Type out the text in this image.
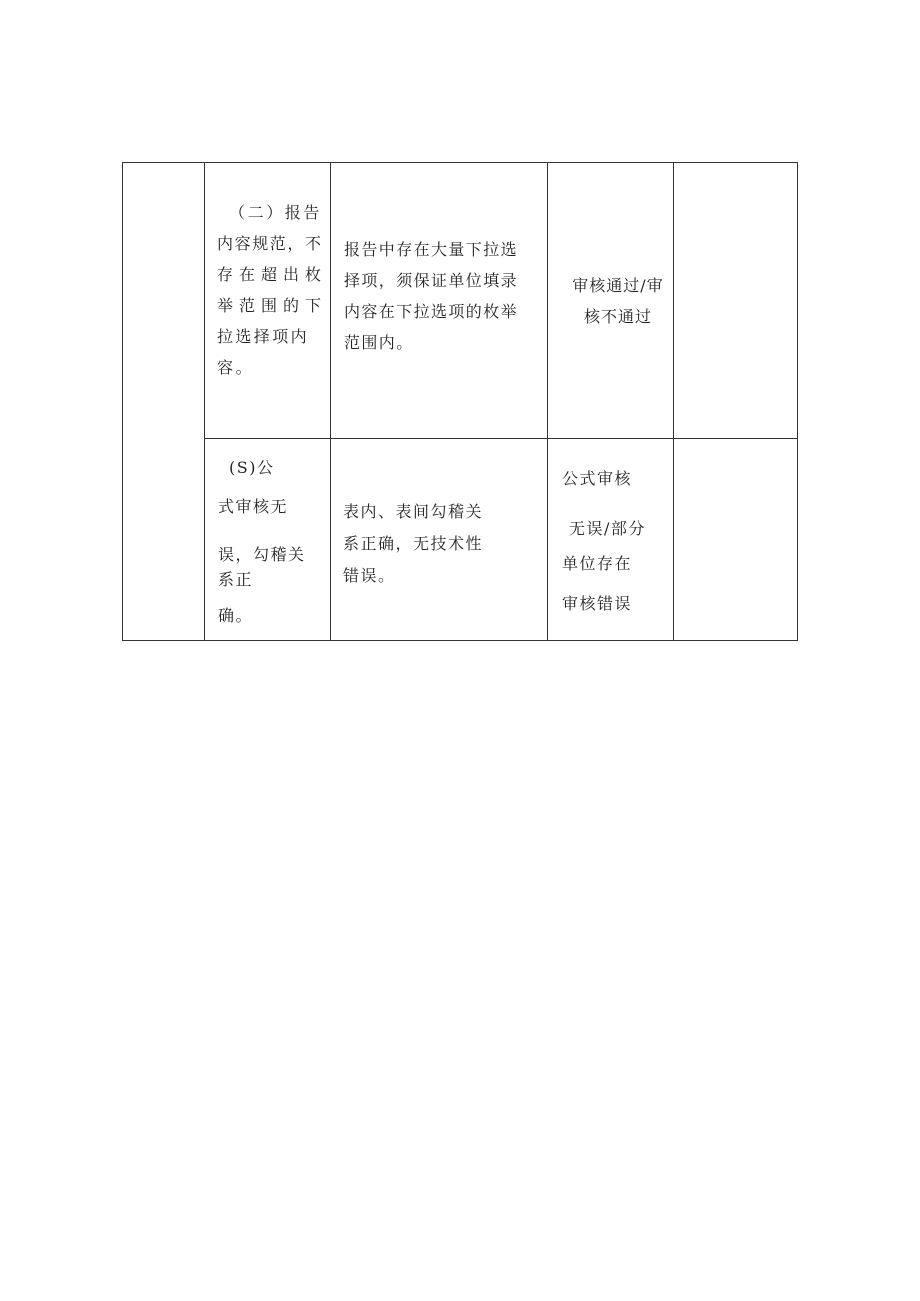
（二）报告

内容规范，不

存在超出枚

举范围的下

拉选择项内

容。

报告中存在大量下拉选

择项，须保证单位填录

内容在下拉选项的枚举

范围内。

审核通过/审

核不通过

(S)公

式审核无

误，勾稽关

系正

确。

表内、表间勾稽关

系正确，无技术性

错误。

公式审核

无误/部分

单位存在

审核错误
